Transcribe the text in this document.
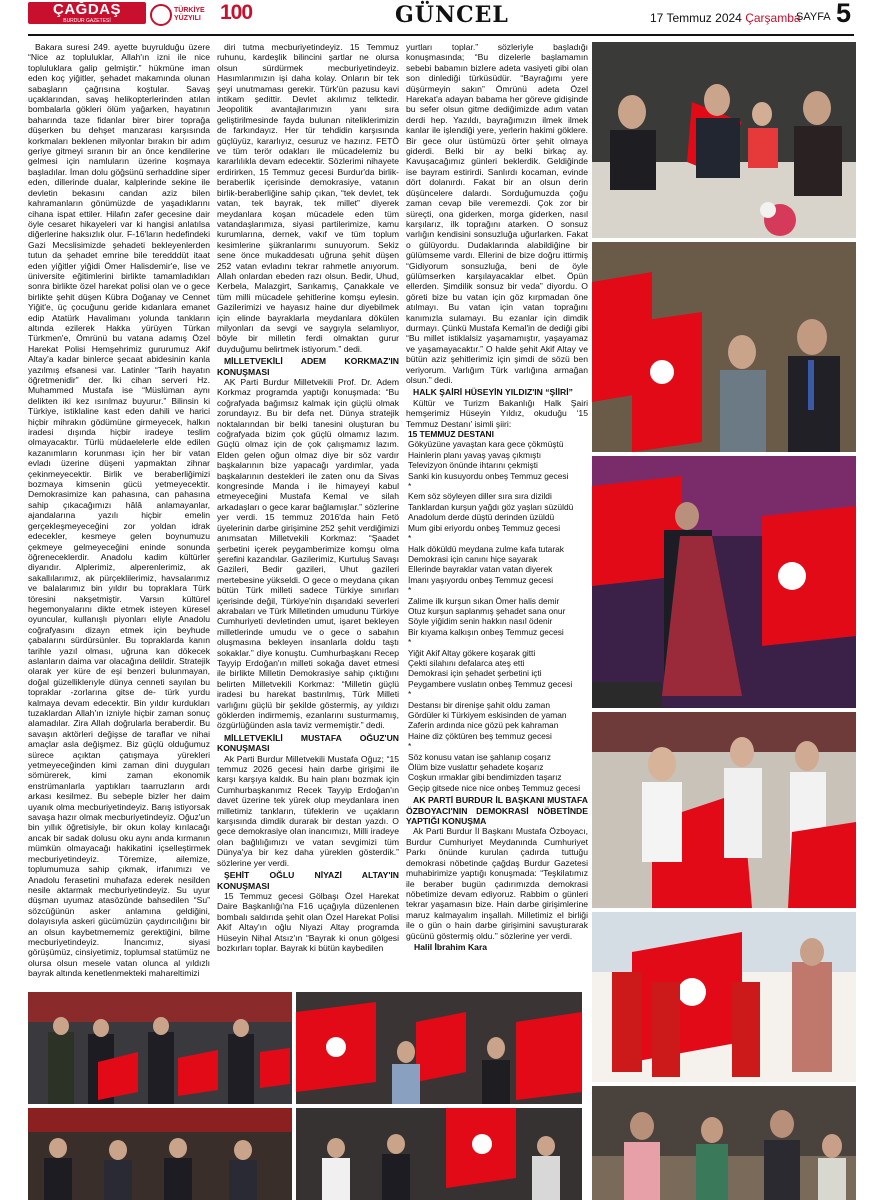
ÇAĞDAŞ
BURDUR GAZETESİ
TÜRKİYE
YÜZYILI 100	GÜNCEL	17 Temmuz 2024 Çarşamba
SAYFA 5

Bakara suresi 249. ayette buyrulduğu üzere “Nice az topluluklar, Allah'ın izni ile nice topluluklara galip gelmiştir.” hükmüne iman eden koç yiğitler, şehadet makamında olunan sabaşların çağrısına koştular. Savaş uçaklarından, savaş helikopterlerinden atılan bombalarla gökleri ölüm yağarken, hayatının baharında taze fidanlar birer birer toprağa düşerken bu dehşet manzarası karşısında korkmaları beklenen milyonlar bırakın bir adım geriye gitmeyi sıranın bir an önce kendilerine gelmesi için namluların üzerine koşmaya başladılar. İman dolu göğsünü serhaddine siper eden, dillerinde dualar, kalplerinde sekine ile devletin bekasını candan aziz bilen kahramanların gönümüzde de yaşadıklarını cihana ispat ettiler. Hilafın zafer gecesine dair öyle cesaret hikayeleri var ki hangisi anlatılsa diğerlerine haksızlık olur. F-16'ların hedefindeki Gazi Mecslisimizde şehadeti bekleyenlerden tutun da şehadet emrine bile teredddüt itaat eden yiğitler yiğidi Ömer Halisdemir'e, lise ve üniversite eğitimlerini birlikte tamamladıkları sonra birlikte özel harekat polisi olan ve o gece birlikte şehit düşen Kübra Doğanay ve Cennet Yiğit'e, üç çocuğunu geride kıdanlara emanet edip Atatürk Havalimanı yolunda tankların altında ezilerek Hakka yürüyen Türkan Türkmen'e, Ömrünü bu vatana adamış Özel Harekat Polisi Hemşehrimiz gururumuz Akif Altay'a kadar binlerce şecaat abidesinin kanla yazılmış efsanesi var. Latinler “Tarih hayatın öğretmenidir” der. İki cihan serveri Hz. Muhammed Mustafa ise “Müslüman aynı delikten iki kez ısırılmaz buyurur.” Bilinsin ki Türkiye, istiklaline kast eden dahili ve harici hiçbir mihrakın gödümüne girmeyecek, halkın iradesi dışında hiçbir iradeye teslim olmayacaktır. Türlü müdaelelerle elde edilen kazanımların korunması için her bir vatan evladı üzerine düşeni yapmaktan zihnar çekinmeyecektir. Birlik ve beraberliğimizi bozmaya kimsenin gücü yetmeyecektir. Demokrasimize kan pahasına, can pahasına sahip çıkacağımızı hâlâ anlamayanlar, ajandalarına yazılı hiçbir emelin gerçekleşmeyeceğini zor yoldan idrak edecekler, kesmeye gelen boynumuzu çekmeye gelmeyeceğini eninde sonunda öğreneceklerdir. Anadolu kadim kültürler diyarıdır. Alplerimiz, alperenlerimiz, ak sakallılarımız, ak pürçeklilerimiz, havsalarımız ve balalarımız bin yıldır bu topraklara Türk töresini nakşetmiştir. Varsın kültürel hegemonyalarını dikte etmek isteyen küresel oyuncular, kullanışlı piyonları eliyle Anadolu coğrafyasını dizayn etmek için beyhude çabalarını sürdürsünler. Bu topraklarda kanın tarihle yazıl olması, uğruna kan dökecek aslanların daima var olacağına delildir. Stratejik olarak yer küre de eşi benzeri bulunmayan, doğal güzelliklerıyle dünya cenneti sayılan bu topraklar -zorlarına gitse de- türk yurdu kalmaya devam edecektir. Bin yıldır kurdukları tuzaklardan Allah'ın izniyle hiçbir zaman sonuç alamadılar. Zira Allah doğrularla beraberdir. Bu savaşın aktörleri değişse de taraflar ve nihai amaçlar asla değişmez. Biz güçlü olduğumuz sürece açıktan çatışmaya yürekleri yetmeyeceğinden kimi zaman dini duyguları sömürerek, kimi zaman ekonomik enstrümanlarla yaptıkları taarruzların ardı arkası kesilmez. Bu sebeple bizler her daim uyanık olma mecburiyetindeyiz. Barış istiyorsak savaşa hazır olmak mecburiyetindeyiz. Oğuz'un bin yıllık öğretisiyle, bir okun kolay kırılacağı ancak bir sadak dolusu oku aynı anda kırmanın mümkün olmayacağı hakikatini içselleştirmek mecburiyetindeyiz. Töremize, ailemize, toplumumuza sahip çıkmak, irfanımızı ve Anadolu ferasetini muhafaza ederek nesilden nesile aktarmak mecburiyetindeyiz. Su uyur düşman uyumaz atasözünde bahsedilen “Su” sözcüğünün asker anlamına geldiğini, dolayısıyla askeri gücümüzün çaydırıcılığını bir an olsun kaybetmememiz gerektiğini, bilme mecburiyetindeyiz. İnancımız, siyasi görüşümüz, cinsiyetimiz, toplumsal statümüz ne olursa olsun mesele vatan olunca al yıldızlı bayrak altında kenetlenmekteki mahareltimizi

diri tutma mecburiyetindeyiz. 15 Temmuz ruhunu, kardeşlik bilincini şartlar ne olursa olsun sürdürmek mecburiyetindeyiz. Hasımlarımızın işi daha kolay. Onların bir tek şeyi unutmaması gerekir. Türk'ün pazusu kavi intikam şedittir. Devlet akılımız telktedir. Jeopolitik avantajlarımızın yanı sıra geliştirilmesinde fayda bulunan niteliklerimizin de farkındayız. Her tür tehdidin karşısında güçlüyüz, kararlıyız, cesuruz ve hazırız. FETÖ ve tüm terör odakları ile mücadelemiz bu kararlılıkla devam edecektir. Sözlerimi nihayete erdirirken, 15 Temmuz gecesi Burdur'da birlik-beraberlik içerisinde demokrasiye, vatanın birlik-beraberliğine sahip çıkan, “tek devlet, tek vatan, tek bayrak, tek millet” diyerek meydanlara koşan mücadele eden tüm vatandaşlarımıza, siyasi partilerimize, kamu kurumlarına, dernek, vakıf ve tüm toplum kesimlerine şükranlarımı sunuyorum. Sekiz sene önce mukaddesatı uğruna şehit düşen 252 vatan evladını tekrar rahmetle anıyorum. Allah onlardan ebeden razı olsun. Bedir, Uhud, Kerbela, Malazgirt, Sarıkamış, Çanakkale ve tüm milli mücadele şehitlerine komşu eylesin. Gazilerimizi ve hayasız haine dur diyebilmek için elinde bayraklarla meydanlara dökülen milyonları da sevgi ve saygıyla selamlıyor, böyle bir milletin ferdi olmaktan gurur duyduğumu belirtmek istiyorum.” dedi.

MİLLETVEKİLİ ADEM KORKMAZ'IN KONUŞMASI

AK Parti Burdur Milletvekili Prof. Dr. Adem Korkmaz programda yaptığı konuşmada: “Bu coğrafyada bağımsız kalmak için güçlü olmak zorundayız. Bu bir defa net. Dünya stratejik noktalarından bir belki tanesini oluşturan bu coğrafyada bizim çok güçlü olmamız lazım. Güçlü olmaz için de çok çalışmamız lazım. Elden gelen oğun olmaz diye bir söz vardır başkalarının bize yapacağı yardımlar, yada başkalarının destekleri ile zaten onu da Sivas kongresinde Manda i ile himayeyi kabul etmeyeceğini Mustafa Kemal ve silah arkadaşları o gece karar bağlamışlar.” sözlerine yer verdi. 15 temmuz 2016'da hain Fetö üyelerinin darbe girişimine 252 şehit verdiğimizi anımsatan Milletvekili Korkmaz: “Şaadet şerbetini içerek peygamberimize komşu olma şerefini kazandılar. Gazilerimiz, Kurtuluş Savaşı Gazileri, Bedir gazileri, Uhut gazileri mertebesine yükseldi. O gece o meydana çıkan bütün Türk milleti sadece Türkiye sınırları içerisinde değil, Türkiye'nin dışarıdaki severleri akrabaları ve Türk Milletinden umudunu Türkiye Cumhuriyeti devletinden umut, işaret bekleyen milletlerinde umudu ve o gece o sabahın oluşmasına bekleyen insanlarla doldu taştı sokaklar.” diye konuştu. Cumhurbaşkanı Recep Tayyip Erdoğan'ın milleti sokağa davet etmesi ile birlikte Milletin Demokrasiye sahip çıktığını belirten Milletvekili Korkmaz: “Milletin güçlü iradesi bu harekat bastırılmış, Türk Milleti varlığını güçlü bir şekilde göstermiş, ay yıldızı göklerden indirmemiş, ezanlarını susturmamış, özgürlüğünden asla taviz vermemiştir.” dedi.

MİLLETVEKİLİ MUSTAFA OĞUZ'UN KONUŞMASI

Ak Parti Burdur Milletvekili Mustafa Oğuz; “15 temmuz 2026 gecesi hain darbe girişimi ile karşı karşıya kaldık. Bu hain planı bozmak için Cumhurbaşkanımız Recek Tayyip Erdoğan'ın davet üzerine tek yürek olup meydanlara inen milletimiz tankların, tüfeklerin ve uçakların karşısında dimdik durarak bir destan yazdı. O gece demokrasiye olan inancımızı, Milli iradeye olan bağlılığımızı ve vatan sevgimizi tüm Dünya'ya bir kez daha yüreklen gösterdik.” sözlerine yer verdi.

ŞEHİT OĞLU NİYAZİ ALTAY'IN KONUŞMASI

15 Temmuz gecesi Gölbaşı Özel Harekat Daire Başkanlığı'na F16 uçağıyla düzenlenen bombalı saldırıda şehit olan Özel Harekat Polisi Akif Altay'ın oğlu Niyazi Altay programda Hüseyin Nihal Atsız'ın “Bayrak ki onun gölgesi bozkırları toplar. Bayrak ki bütün kaybedilen

yurtları toplar.” sözleriyle başladığı konuşmasında; “Bu dizelerle başlamamın sebebi babamın bizlere adeta vasiyeti gibi olan son dinlediği türküsüdür. “Bayrağımı yere düşürmeyin sakın” Ömrünü adeta Özel Harekat'a adayan babama her göreve gidişinde bu sefer olsun gitme dediğimizde adım vatan derdi hep. Yazıldı, bayrağımızın ilmek ilmek kanlar ile işlendiği yere, yerlerin hakimi göklere. Bir gece olur üstümüzü örter şehit olmaya giderdi. Belki bir ay belki birkaç ay. Kavuşacağımız günleri beklerdik. Geldiğinde ise bayram estirirdi. Sanlırdı kocaman, evinde dört dolanırdı. Fakat bir an olsun derin düşüncelere dalardı. Sorduğumuzda çoğu zaman cevap bile veremezdi. Çok zor bir süreçti, ona giderken, morga giderken, nasıl karşılarız, ilk toprağını atarken. O sonsuz varlığın kendisini sonsuzluğa uğurlarken. Fakat o gülüyordu. Dudaklarında alabildiğine bir gülümseme vardı. Ellerini de bize doğru ittirmiş “Gidiyorum sonsuzluğa, beni de öyle gülümserken karşılayacaklar elbet. Öpün ellerden. Şimdilik sonsuz bir veda” diyordu. O göreti bize bu vatan için göz kırpmadan öne atılmayı. Bu vatan için vatan toprağını kanımızla sulamayı. Bu ezanlar için dimdik durmayı. Çünkü Mustafa Kemal'in de dediği gibi “Bu millet istiklalsiz yaşamamıştır, yaşayamaz ve yaşamayacaktır.” O halde şehit Akif Altay ve bütün aziz şehitlerimiz için şimdi de sözü ben veriyorum. Varlığım Türk varlığına armağan olsun.” dedi.

HALK ŞAİRİ HÜSEYİN YILDIZ'IN “ŞİİRİ”

Kültür ve Turizm Bakanlığı Halk Şairi hemşerimiz Hüseyin Yıldız, okuduğu ‘15 Temmuz Destanı’ isimli şiiri:

15 TEMMUZ DESTANI
Gökyüzüne yavaştan kara gece çökmüştü
Hainlerin planı yavaş yavaş çıkmıştı
Televizyon önünde ihtarını çekmişti
Sanki kin kusuyordu onbeş Temmuz gecesi
*
Kem söz söyleyen diller sıra sıra dizildi
Tanklardan kurşun yağdı göz yaşları süzüldü
Anadolum derde düştü derinden üzüldü
Mum gibi eriyordu onbeş Temmuz gecesi
*
Halk döküldü meydana zulme kafa tutarak
Demokrasi için canını hiçe sayarak
Ellerinde bayraklar vatan vatan diyerek
İmanı yaşıyordu onbeş Temmuz gecesi
*
Zalime ilk kurşun sıkan Ömer halis demir
Otuz kurşun saplanmış şehadet sana onur
Söyle yiğidim senin hakkın nasıl ödenir
Bir kıyama kalkışın onbeş Temmuz gecesi
*
Yiğit Akif Altay gökere koşarak gitti
Çekti silahını defalarca ateş etti
Demokrasi için şehadet şerbetini içti
Peygambere vuslatın onbeş Temmuz gecesi
*
Destansı bir direnişe şahit oldu zaman
Gördüler ki Türkiyem eskisinden de yaman
Zaferin ardında nice gözü pek kahraman
Haine diz çöktüren beş temmuz gecesi
*
Söz konusu vatan ise şahlanıp coşarız
Ölüm bize vuslattır şehadete koşarız
Coşkun ırmaklar gibi bendimizden taşarız
Geçip gitsede nice nice onbeş Temmuz gecesi
AK PARTİ BURDUR İL BAŞKANI MUSTAFA ÖZBOYACI'NIN DEMOKRASİ NÖBETİNDE YAPTIĞI KONUŞMA

Ak Parti Burdur İl Başkanı Mustafa Özboyacı, Burdur Cumhuriyet Meydanında Cumhuriyet Parkı önünde kurulan çadırda tuttuğu demokrasi nöbetinde çağdaş Burdur Gazetesi muhabirimize yaptığı konuşmada: “Teşkilatımız ile beraber bugün çadırımızda demokrasi nöbetimize devam ediyoruz. Rabbim o günleri tekrar yaşamasın bize. Hain darbe girişimlerine maruz kalmayalım inşallah. Milletimiz el birliği ile o gün o hain darbe girişimini savuşturarak gücünü göstermiş oldu.” sözlerine yer verdi.

Halil İbrahim Kara
